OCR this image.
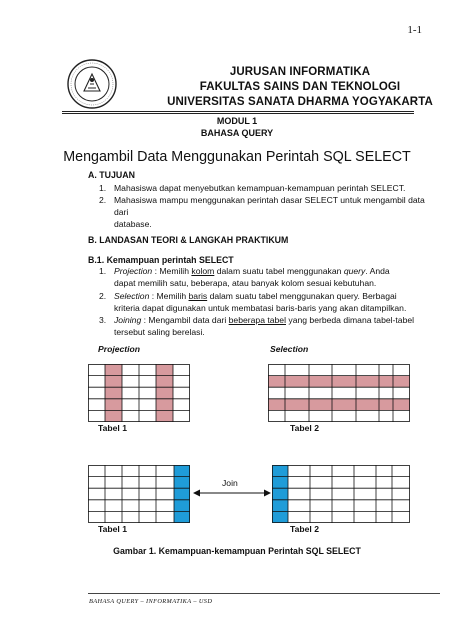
1-1
JURUSAN INFORMATIKA
FAKULTAS SAINS DAN TEKNOLOGI
UNIVERSITAS SANATA DHARMA YOGYAKARTA
MODUL 1
BAHASA QUERY
Mengambil Data Menggunakan Perintah SQL SELECT
A. TUJUAN
1. Mahasiswa dapat menyebutkan kemampuan-kemampuan perintah SELECT.
2. Mahasiswa mampu menggunakan perintah dasar SELECT untuk mengambil data dari
database.
B. LANDASAN TEORI & LANGKAH PRAKTIKUM
B.1. Kemampuan perintah SELECT
1. Projection : Memilih kolom dalam suatu tabel menggunakan query. Anda
dapat memilih satu, beberapa, atau banyak kolom sesuai kebutuhan.
2. Selection : Memilih baris dalam suatu tabel menggunakan query. Berbagai
kriteria dapat digunakan untuk membatasi baris-baris yang akan ditampilkan.
3. Joining : Mengambil data dari beberapa tabel yang berbeda dimana tabel-tabel
tersebut saling berelasi.
Projection	Selection
Tabel 1	Tabel 2
Join
Tabel 1	Tabel 2
Gambar 1. Kemampuan-kemampuan Perintah SQL SELECT
BAHASA QUERY – INFORMATIKA – USD
